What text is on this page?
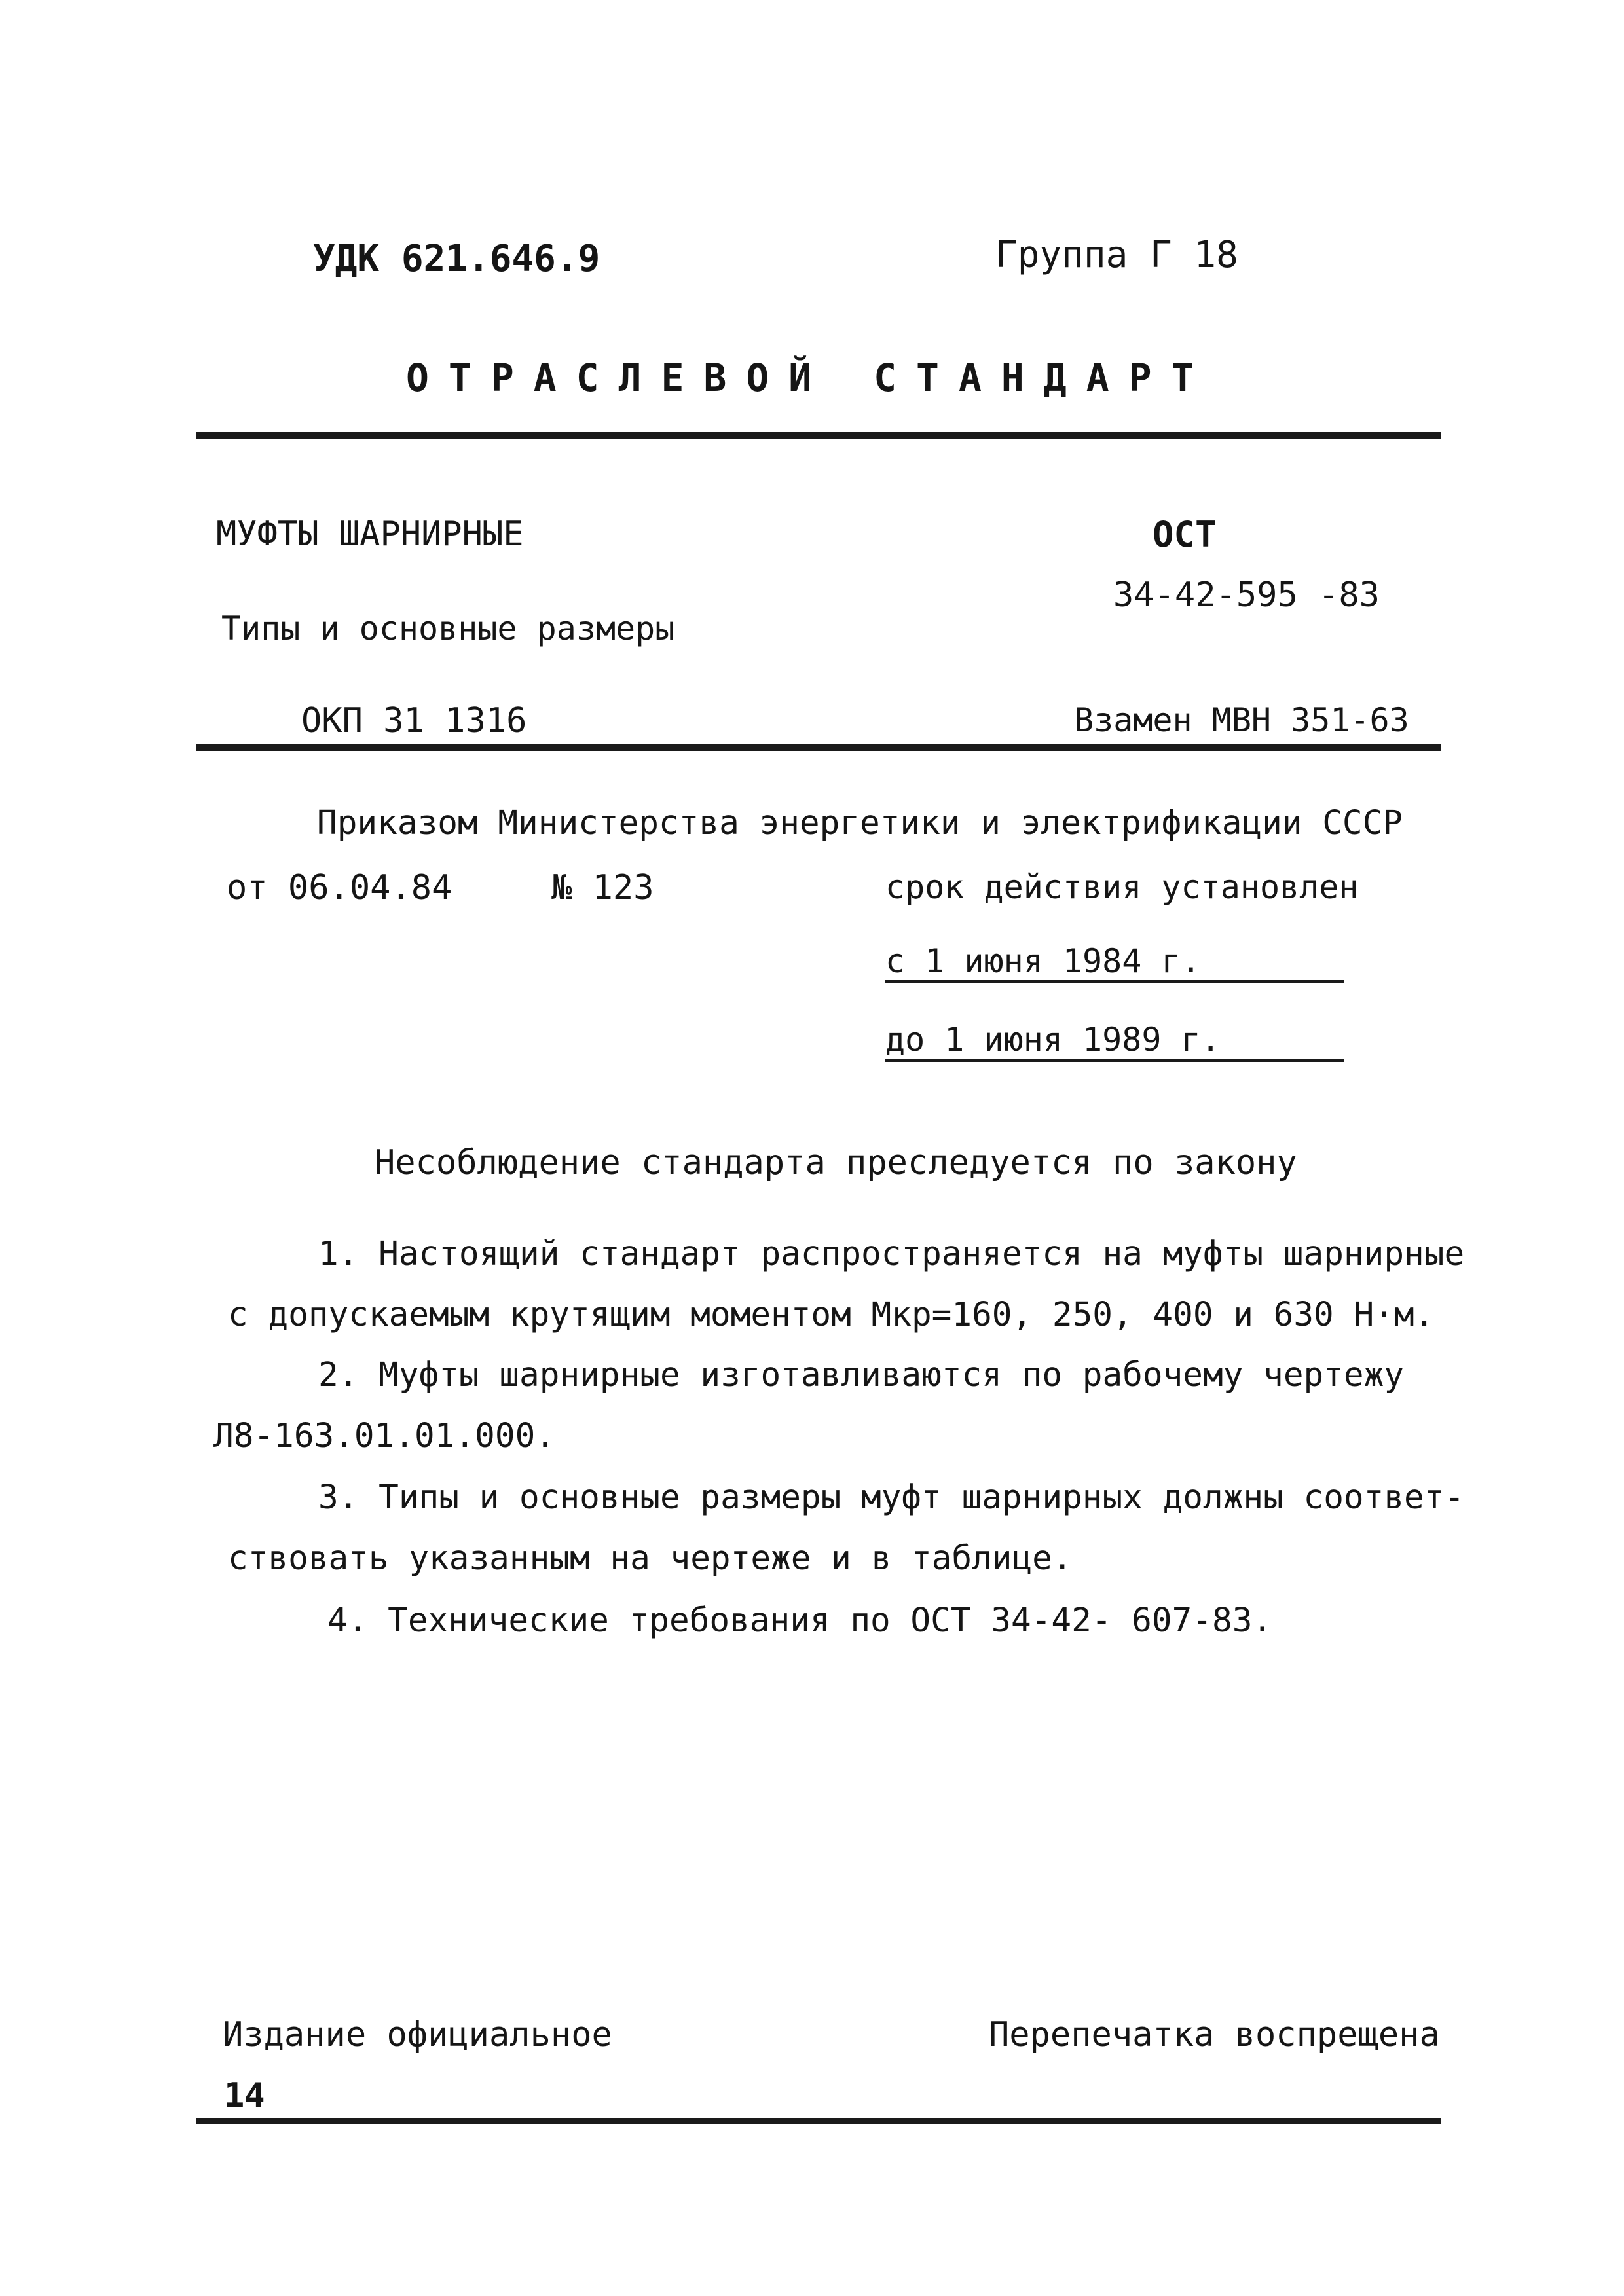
УДК 621.646.9	Группа Г 18
ОТРАСЛЕВОЙ СТАНДАРТ
МУФТЫ ШАРНИРНЫЕ
Типы и основные размеры
ОКП 31 1316
ОСТ
34-42-595 -83
Взамен МВН 351-63
Приказом Министерства энергетики и электрификации СССР
от 06.04.84	№ 123	срок действия установлен
с 1 июня 1984 г.
до 1 июня 1989 г.
Несоблюдение стандарта преследуется по закону
1. Настоящий стандарт распространяется на муфты шарнирные
с допускаемым крутящим моментом Мкр=160, 250, 400 и 630 Н·м.
2. Муфты шарнирные изготавливаются по рабочему чертежу
Л8-163.01.01.000.
3. Типы и основные размеры муфт шарнирных должны соответ-
ствовать указанным на чертеже и в таблице.
4. Технические требования по ОСТ 34-42- 607-83.
Издание официальное	Перепечатка воспрещена
14
